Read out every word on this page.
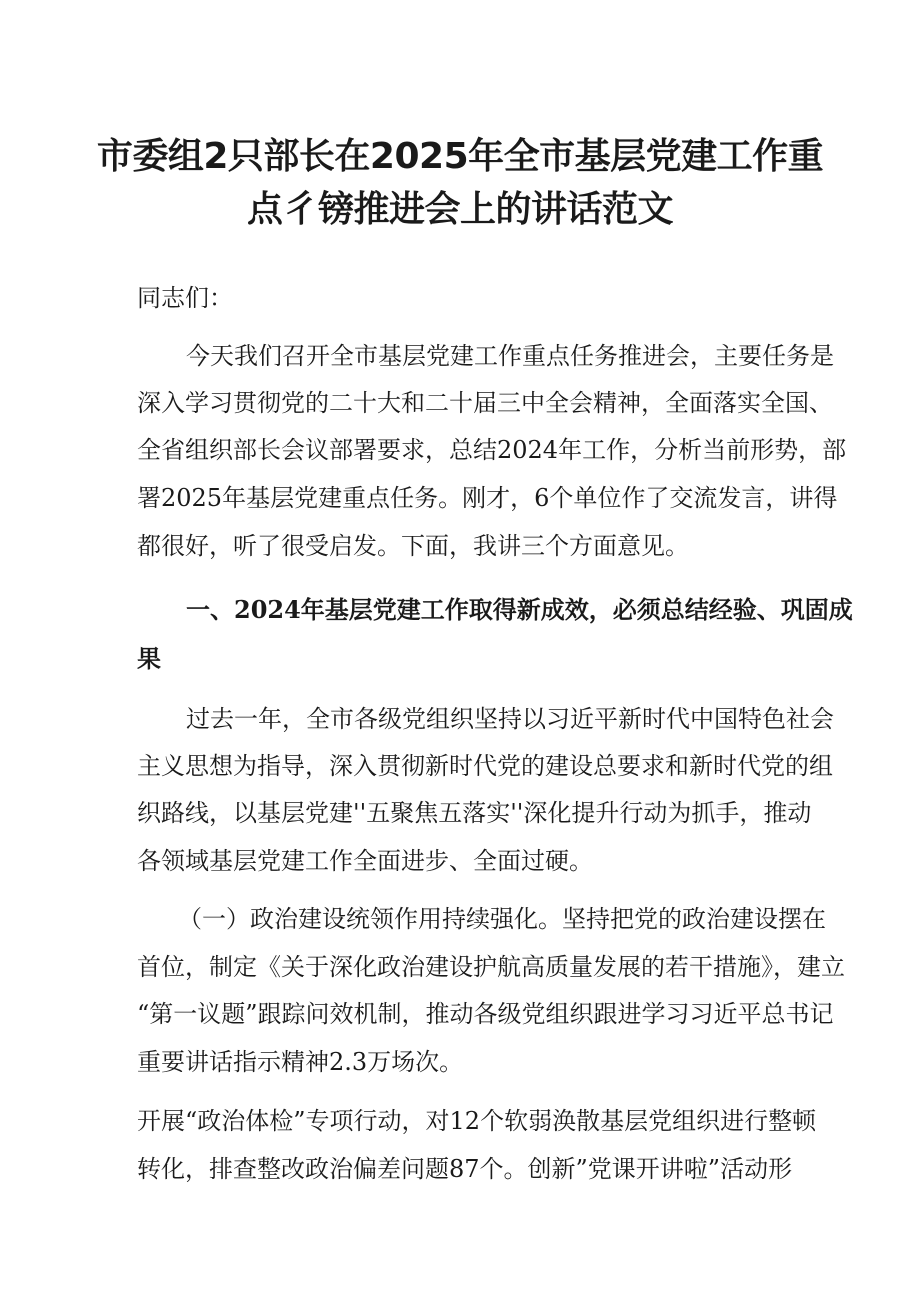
市委组2只部长在2025年全市基层党建工作重
点彳镑推进会上的讲话范文
同志们：
今天我们召开全市基层党建工作重点任务推进会，主要任务是
深入学习贯彻党的二十大和二十届三中全会精神，全面落实全国、
全省组织部长会议部署要求，总结2024年工作，分析当前形势，部
署2025年基层党建重点任务。刚才，6个单位作了交流发言，讲得
都很好，听了很受启发。下面，我讲三个方面意见。
一、2024年基层党建工作取得新成效，必须总结经验、巩固成
果
过去一年，全市各级党组织坚持以习近平新时代中国特色社会
主义思想为指导，深入贯彻新时代党的建设总要求和新时代党的组
织路线，以基层党建''五聚焦五落实''深化提升行动为抓手，推动
各领域基层党建工作全面进步、全面过硬。
（一）政治建设统领作用持续强化。坚持把党的政治建设摆在
首位，制定《关于深化政治建设护航高质量发展的若干措施》，建立
“第一议题”跟踪问效机制，推动各级党组织跟进学习习近平总书记
重要讲话指示精神2.3万场次。
开展“政治体检”专项行动，对12个软弱涣散基层党组织进行整顿
转化，排查整改政治偏差问题87个。创新”党课开讲啦”活动形
